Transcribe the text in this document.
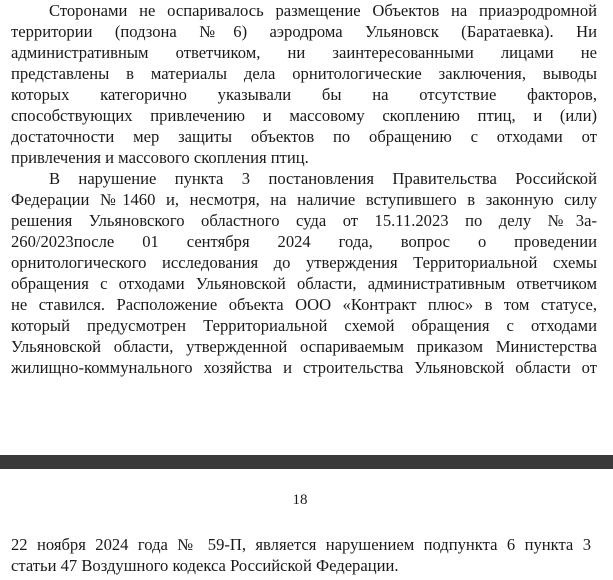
Сторонами не оспаривалось размещение Объектов на приаэродромной
территории (подзона №6) аэродрома Ульяновск (Баратаевка). Ни
административным ответчиком, ни заинтересованными лицами не
представлены в материалы дела орнитологические заключения, выводы
которых категорично указывали бы на отсутствие факторов,
способствующих привлечению и массовому скоплению птиц, и (или)
достаточности мер защиты объектов по обращению с отходами от
привлечения и массового скопления птиц.
В нарушение пункта 3 постановления Правительства Российской
Федерации №1460 и, несмотря, на наличие вступившего в законную силу
решения Ульяновского областного суда от 15.11.2023 по делу №3а-
260/2023после 01 сентября 2024 года, вопрос о проведении
орнитологического исследования до утверждения Территориальной схемы
обращения с отходами Ульяновской области, административным ответчиком
не ставился. Расположение объекта ООО «Контракт плюс» в том статусе,
который предусмотрен Территориальной схемой обращения с отходами
Ульяновской области, утвержденной оспариваемым приказом Министерства
жилищно-коммунального хозяйства и строительства Ульяновской области от
18
22 ноября 2024 года № 59-П, является нарушением подпункта 6 пункта 3
статьи 47 Воздушного кодекса Российской Федерации.
